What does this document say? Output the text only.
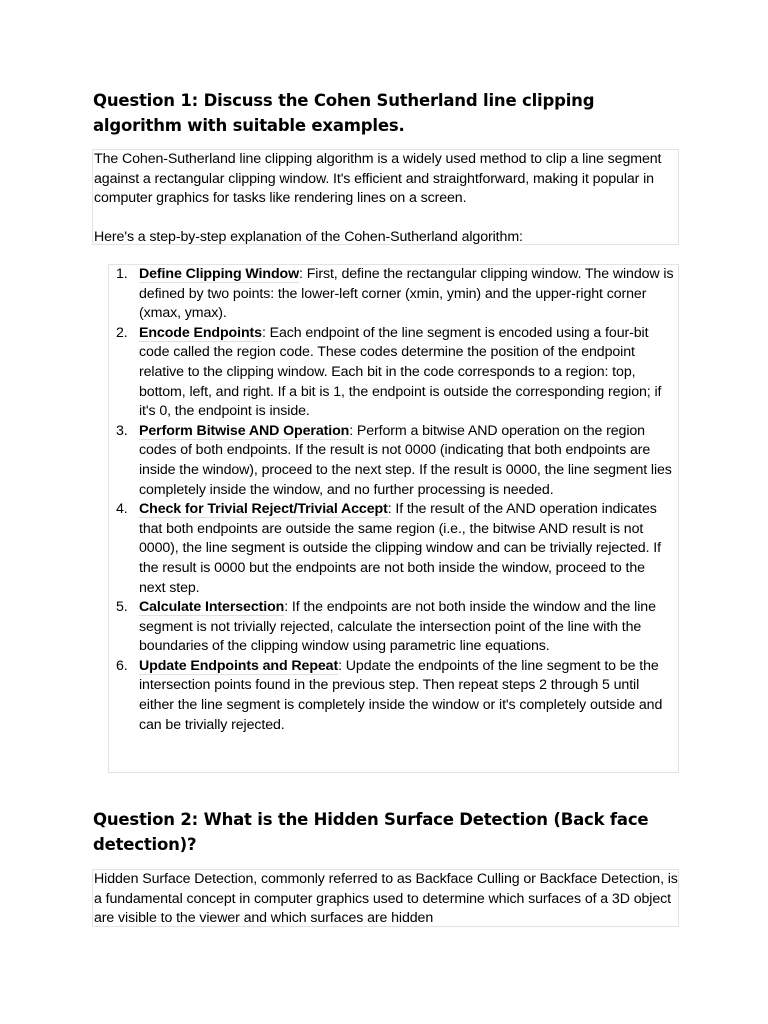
Question 1: Discuss the Cohen Sutherland line clipping algorithm with suitable examples.

The Cohen-Sutherland line clipping algorithm is a widely used method to clip a line segment against a rectangular clipping window. It's efficient and straightforward, making it popular in computer graphics for tasks like rendering lines on a screen.

Here's a step-by-step explanation of the Cohen-Sutherland algorithm:

1. Define Clipping Window: First, define the rectangular clipping window. The window is defined by two points: the lower-left corner (xmin, ymin) and the upper-right corner (xmax, ymax).
2. Encode Endpoints: Each endpoint of the line segment is encoded using a four-bit code called the region code. These codes determine the position of the endpoint relative to the clipping window. Each bit in the code corresponds to a region: top, bottom, left, and right. If a bit is 1, the endpoint is outside the corresponding region; if it's 0, the endpoint is inside.
3. Perform Bitwise AND Operation: Perform a bitwise AND operation on the region codes of both endpoints. If the result is not 0000 (indicating that both endpoints are inside the window), proceed to the next step. If the result is 0000, the line segment lies completely inside the window, and no further processing is needed.
4. Check for Trivial Reject/Trivial Accept: If the result of the AND operation indicates that both endpoints are outside the same region (i.e., the bitwise AND result is not 0000), the line segment is outside the clipping window and can be trivially rejected. If the result is 0000 but the endpoints are not both inside the window, proceed to the next step.
5. Calculate Intersection: If the endpoints are not both inside the window and the line segment is not trivially rejected, calculate the intersection point of the line with the boundaries of the clipping window using parametric line equations.
6. Update Endpoints and Repeat: Update the endpoints of the line segment to be the intersection points found in the previous step. Then repeat steps 2 through 5 until either the line segment is completely inside the window or it's completely outside and can be trivially rejected.
Question 2: What is the Hidden Surface Detection (Back face detection)?

Hidden Surface Detection, commonly referred to as Backface Culling or Backface Detection, is a fundamental concept in computer graphics used to determine which surfaces of a 3D object are visible to the viewer and which surfaces are hidden
